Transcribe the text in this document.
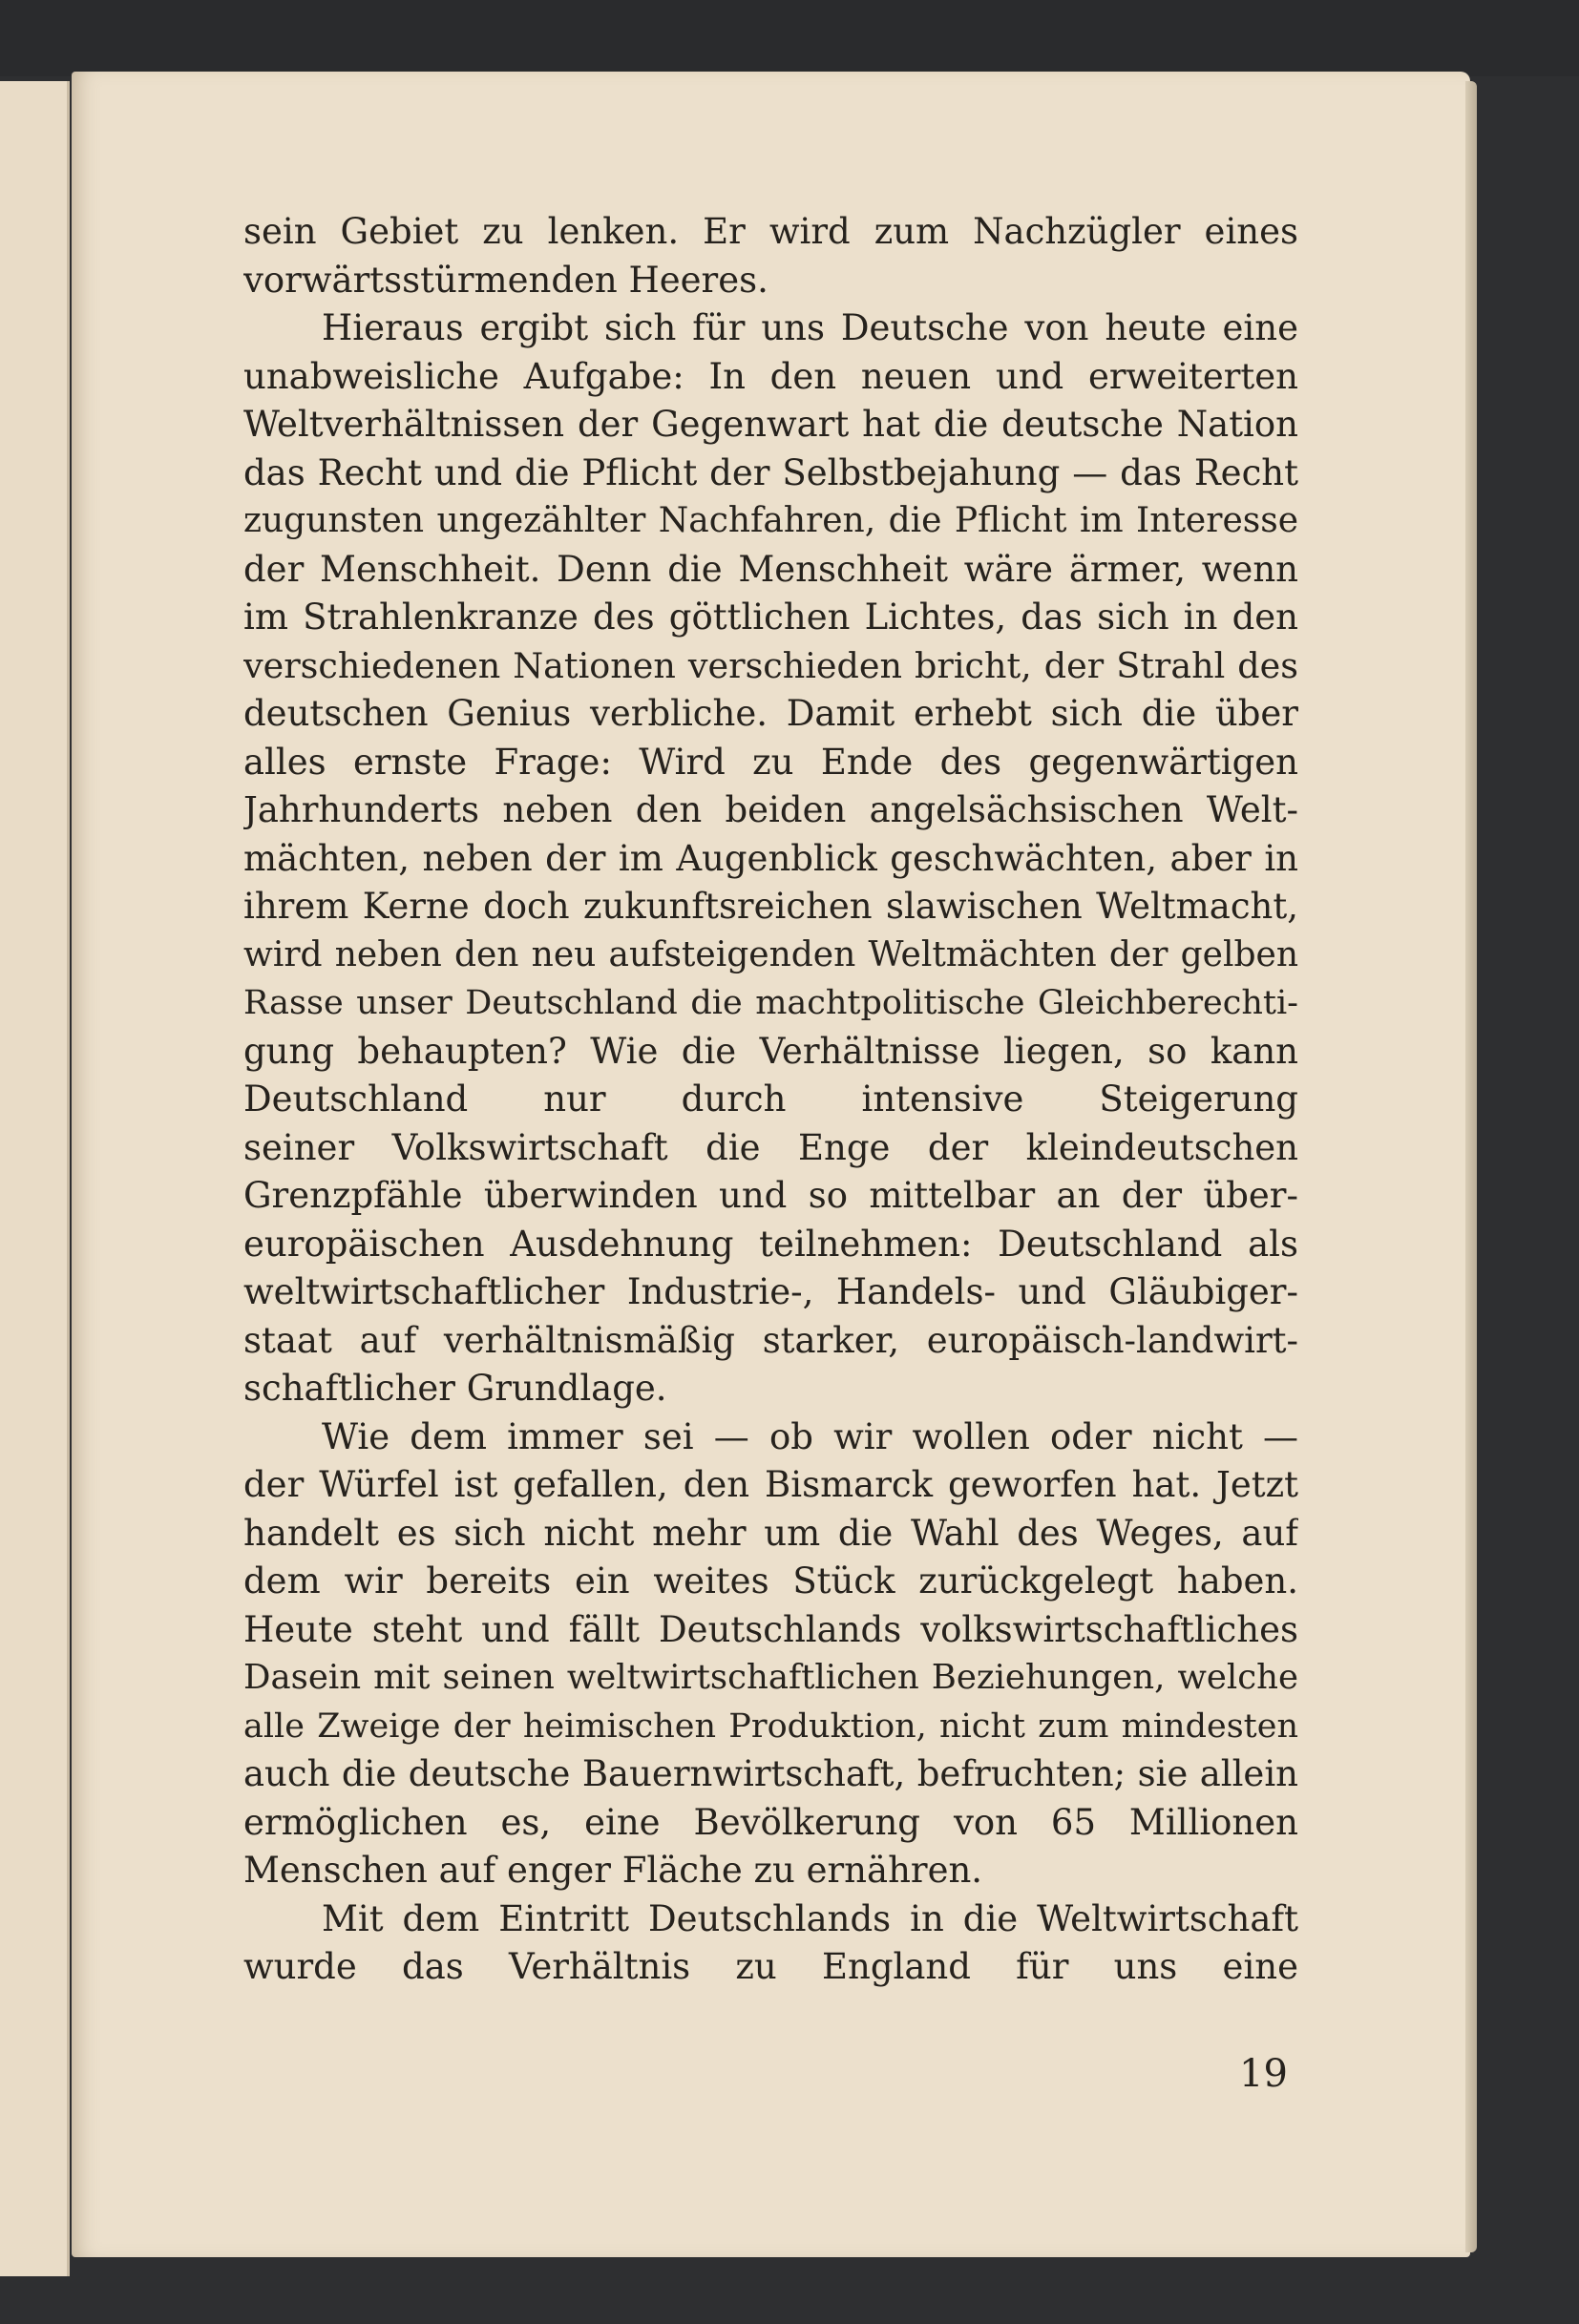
sein Gebiet zu lenken. Er wird zum Nachzügler eines
vorwärtsstürmenden Heeres.
Hieraus ergibt sich für uns Deutsche von heute eine
unabweisliche Aufgabe: In den neuen und erweiterten
Weltverhältnissen der Gegenwart hat die deutsche Nation
das Recht und die Pflicht der Selbstbejahung — das Recht
zugunsten ungezählter Nachfahren, die Pflicht im Interesse
der Menschheit. Denn die Menschheit wäre ärmer, wenn
im Strahlenkranze des göttlichen Lichtes, das sich in den
verschiedenen Nationen verschieden bricht, der Strahl des
deutschen Genius verbliche. Damit erhebt sich die über
alles ernste Frage: Wird zu Ende des gegenwärtigen
Jahrhunderts neben den beiden angelsächsischen Welt-
mächten, neben der im Augenblick geschwächten, aber in
ihrem Kerne doch zukunftsreichen slawischen Weltmacht,
wird neben den neu aufsteigenden Weltmächten der gelben
Rasse unser Deutschland die machtpolitische Gleichberechti-
gung behaupten? Wie die Verhältnisse liegen, so kann
Deutschland nur durch intensive Steigerung
seiner Volkswirtschaft die Enge der kleindeutschen
Grenzpfähle überwinden und so mittelbar an der über-
europäischen Ausdehnung teilnehmen: Deutschland als
weltwirtschaftlicher Industrie-, Handels- und Gläubiger-
staat auf verhältnismäßig starker, europäisch-landwirt-
schaftlicher Grundlage.
Wie dem immer sei — ob wir wollen oder nicht —
der Würfel ist gefallen, den Bismarck geworfen hat. Jetzt
handelt es sich nicht mehr um die Wahl des Weges, auf
dem wir bereits ein weites Stück zurückgelegt haben.
Heute steht und fällt Deutschlands volkswirtschaftliches
Dasein mit seinen weltwirtschaftlichen Beziehungen, welche
alle Zweige der heimischen Produktion, nicht zum mindesten
auch die deutsche Bauernwirtschaft, befruchten; sie allein
ermöglichen es, eine Bevölkerung von 65 Millionen
Menschen auf enger Fläche zu ernähren.
Mit dem Eintritt Deutschlands in die Weltwirtschaft
wurde das Verhältnis zu England für uns eine
19
